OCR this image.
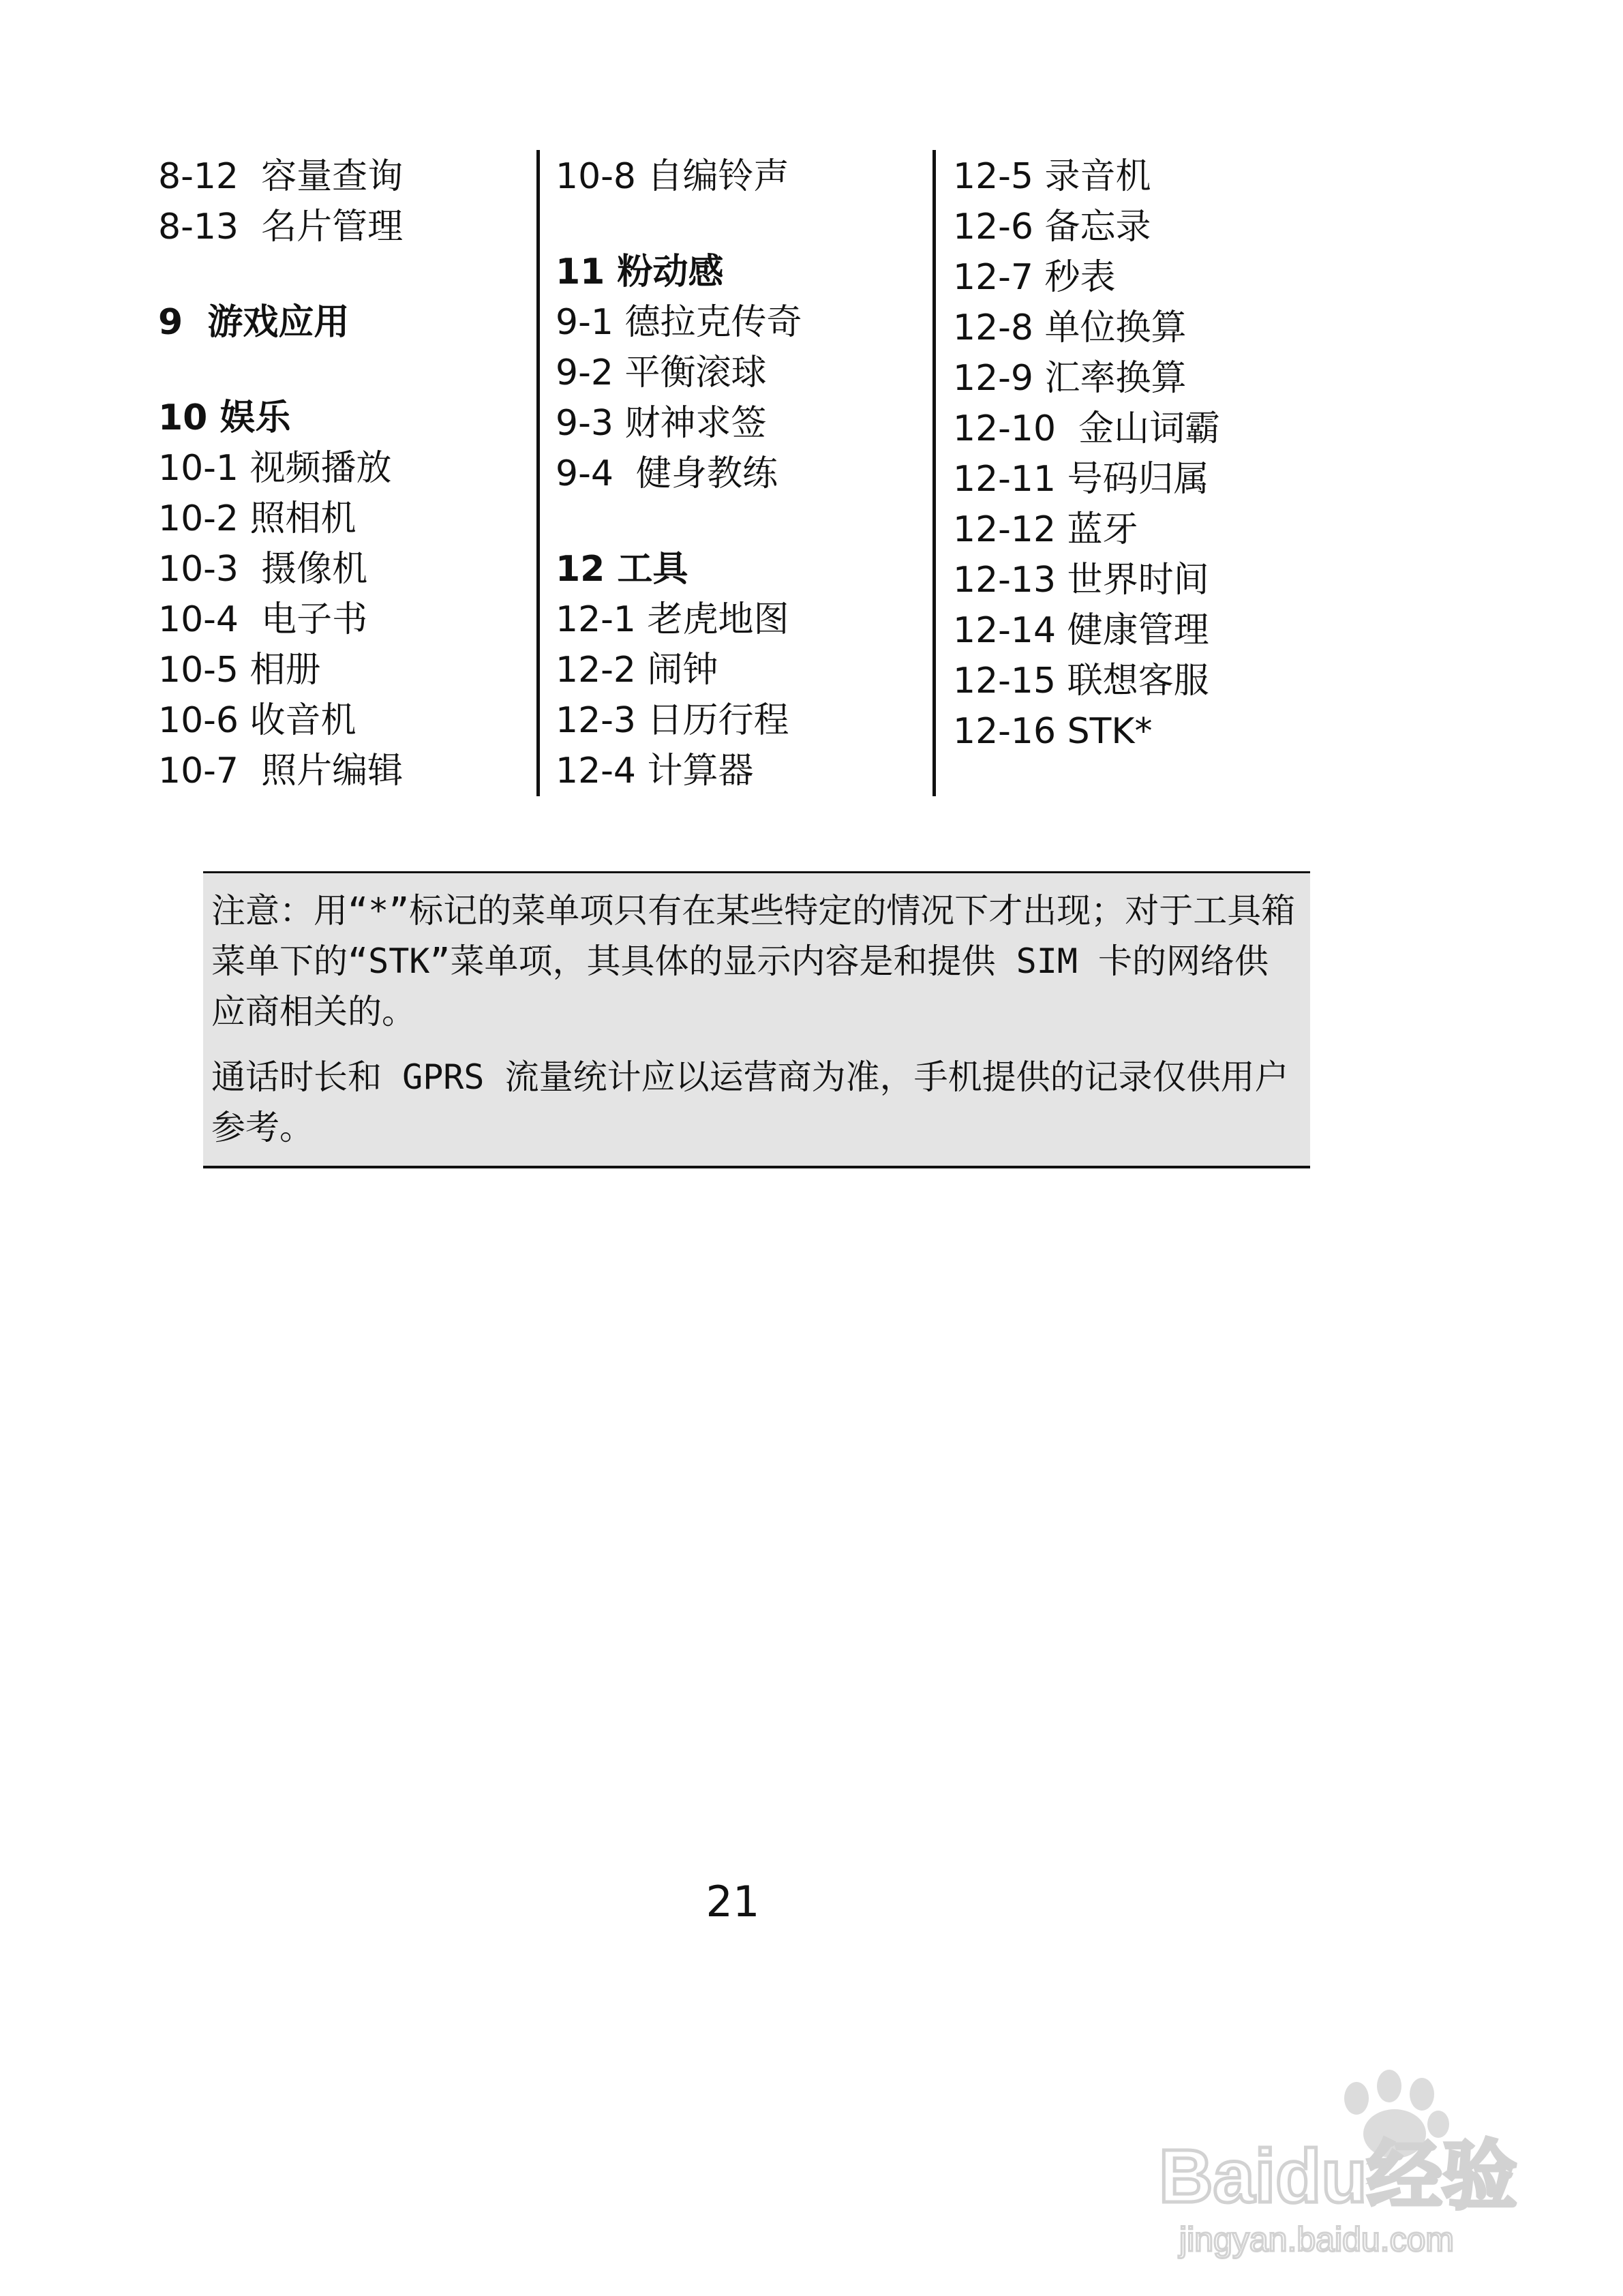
8-12  容量查询
8-13  名片管理
9  游戏应用
10 娱乐
10-1 视频播放
10-2 照相机
10-3  摄像机
10-4  电子书
10-5 相册
10-6 收音机
10-7  照片编辑
10-8 自编铃声
11 粉动感
9-1 德拉克传奇
9-2 平衡滚球
9-3 财神求签
9-4  健身教练
12 工具
12-1 老虎地图
12-2 闹钟
12-3 日历行程
12-4 计算器
12-5 录音机
12-6 备忘录
12-7 秒表
12-8 单位换算
12-9 汇率换算
12-10  金山词霸
12-11 号码归属
12-12 蓝牙
12-13 世界时间
12-14 健康管理
12-15 联想客服
12-16 STK*
注意：用“*”标记的菜单项只有在某些特定的情况下才出现；对于工具箱菜单下的“STK”菜单项，其具体的显示内容是和提供 SIM 卡的网络供应商相关的。
通话时长和 GPRS 流量统计应以运营商为准，手机提供的记录仅供用户参考。
21
Baidu经验
jingyan.baidu.com
